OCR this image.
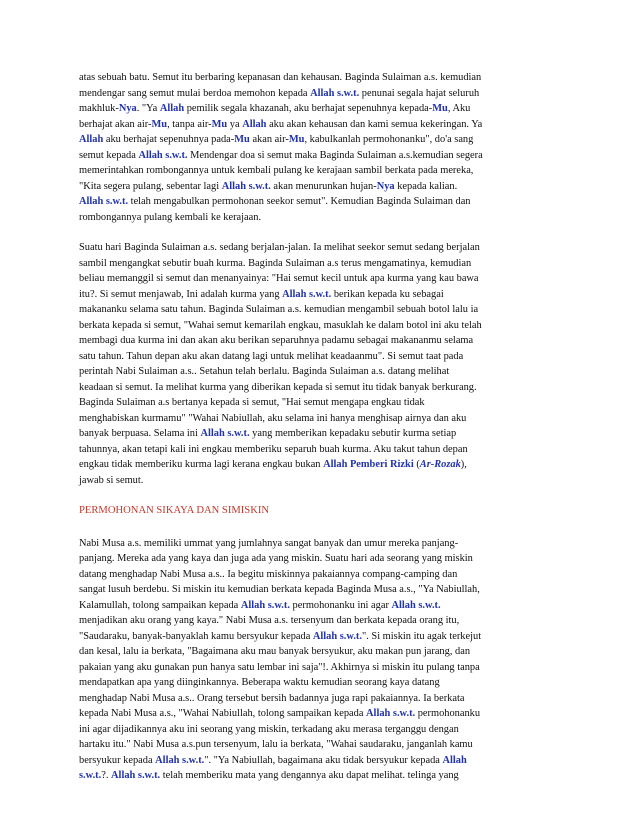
atas sebuah batu. Semut itu berbaring kepanasan dan kehausan. Baginda Sulaiman a.s. kemudian
mendengar sang semut mulai berdoa memohon kepada Allah s.w.t. penunai segala hajat seluruh
makhluk-Nya. "Ya Allah pemilik segala khazanah, aku berhajat sepenuhnya kepada-Mu, Aku
berhajat akan air-Mu, tanpa air-Mu ya Allah aku akan kehausan dan kami semua kekeringan. Ya
Allah aku berhajat sepenuhnya pada-Mu akan air-Mu, kabulkanlah permohonanku", do'a sang
semut kepada Allah s.w.t. Mendengar doa si semut maka Baginda Sulaiman a.s.kemudian segera
memerintahkan rombongannya untuk kembali pulang ke kerajaan sambil berkata pada mereka,
"Kita segera pulang, sebentar lagi Allah s.w.t. akan menurunkan hujan-Nya kepada kalian.
Allah s.w.t. telah mengabulkan permohonan seekor semut". Kemudian Baginda Sulaiman dan
rombongannya pulang kembali ke kerajaan.
Suatu hari Baginda Sulaiman a.s. sedang berjalan-jalan. Ia melihat seekor semut sedang berjalan
sambil mengangkat sebutir buah kurma. Baginda Sulaiman a.s terus mengamatinya, kemudian
beliau memanggil si semut dan menanyainya: "Hai semut kecil untuk apa kurma yang kau bawa
itu?. Si semut menjawab, Ini adalah kurma yang Allah s.w.t. berikan kepada ku sebagai
makananku selama satu tahun. Baginda Sulaiman a.s. kemudian mengambil sebuah botol lalu ia
berkata kepada si semut, "Wahai semut kemarilah engkau, masuklah ke dalam botol ini aku telah
membagi dua kurma ini dan akan aku berikan separuhnya padamu sebagai makananmu selama
satu tahun. Tahun depan aku akan datang lagi untuk melihat keadaanmu". Si semut taat pada
perintah Nabi Sulaiman a.s.. Setahun telah berlalu. Baginda Sulaiman a.s. datang melihat
keadaan si semut. Ia melihat kurma yang diberikan kepada si semut itu tidak banyak berkurang.
Baginda Sulaiman a.s bertanya kepada si semut, "Hai semut mengapa engkau tidak
menghabiskan kurmamu" "Wahai Nabiullah, aku selama ini hanya menghisap airnya dan aku
banyak berpuasa. Selama ini Allah s.w.t. yang memberikan kepadaku sebutir kurma setiap
tahunnya, akan tetapi kali ini engkau memberiku separuh buah kurma. Aku takut tahun depan
engkau tidak memberiku kurma lagi kerana engkau bukan Allah Pemberi Rizki (Ar-Rozak),
jawab si semut.
PERMOHONAN SIKAYA DAN SIMISKIN
Nabi Musa a.s. memiliki ummat yang jumlahnya sangat banyak dan umur mereka panjang-
panjang. Mereka ada yang kaya dan juga ada yang miskin. Suatu hari ada seorang yang miskin
datang menghadap Nabi Musa a.s.. Ia begitu miskinnya pakaiannya compang-camping dan
sangat lusuh berdebu. Si miskin itu kemudian berkata kepada Baginda Musa a.s., "Ya Nabiullah,
Kalamullah, tolong sampaikan kepada Allah s.w.t. permohonanku ini agar Allah s.w.t.
menjadikan aku orang yang kaya." Nabi Musa a.s. tersenyum dan berkata kepada orang itu,
"Saudaraku, banyak-banyaklah kamu bersyukur kepada Allah s.w.t.". Si miskin itu agak terkejut
dan kesal, lalu ia berkata, "Bagaimana aku mau banyak bersyukur, aku makan pun jarang, dan
pakaian yang aku gunakan pun hanya satu lembar ini saja"!. Akhirnya si miskin itu pulang tanpa
mendapatkan apa yang diinginkannya. Beberapa waktu kemudian seorang kaya datang
menghadap Nabi Musa a.s.. Orang tersebut bersih badannya juga rapi pakaiannya. Ia berkata
kepada Nabi Musa a.s., "Wahai Nabiullah, tolong sampaikan kepada Allah s.w.t. permohonanku
ini agar dijadikannya aku ini seorang yang miskin, terkadang aku merasa terganggu dengan
hartaku itu." Nabi Musa a.s.pun tersenyum, lalu ia berkata, "Wahai saudaraku, janganlah kamu
bersyukur kepada Allah s.w.t.". "Ya Nabiullah, bagaimana aku tidak bersyukur kepada Allah
s.w.t.?. Allah s.w.t. telah memberiku mata yang dengannya aku dapat melihat. telinga yang
